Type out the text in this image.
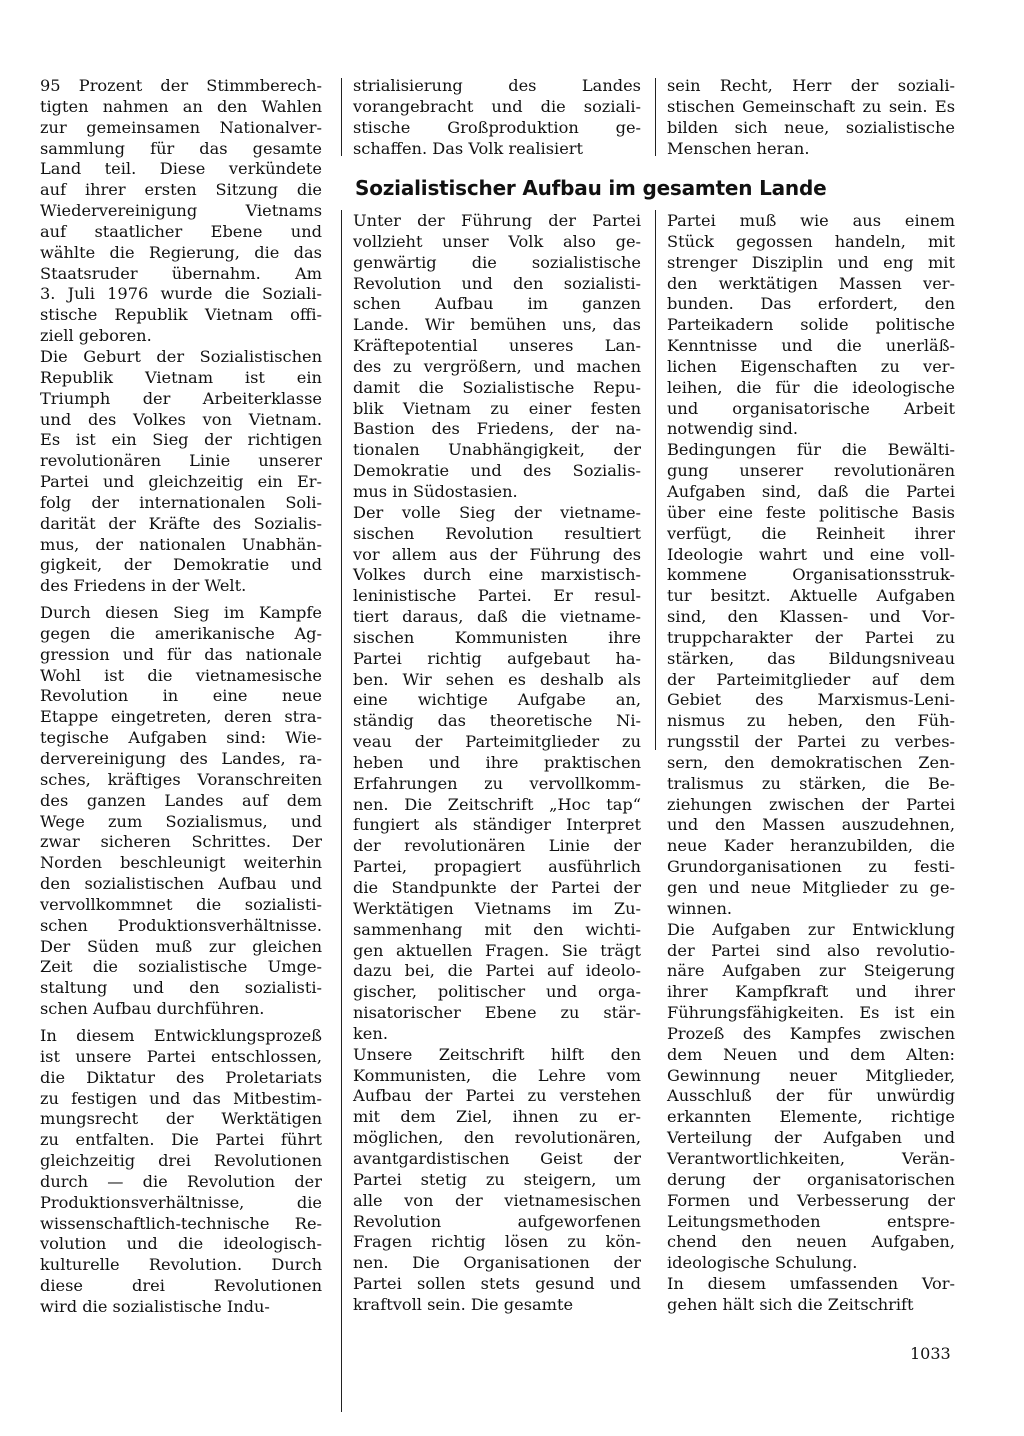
95 Prozent der Stimmberech-
tigten nahmen an den Wahlen
zur gemeinsamen Nationalver-
sammlung für das gesamte
Land teil. Diese verkündete
auf ihrer ersten Sitzung die
Wiedervereinigung Vietnams
auf staatlicher Ebene und
wählte die Regierung, die das
Staatsruder übernahm. Am
3. Juli 1976 wurde die Soziali-
stische Republik Vietnam offi-
ziell geboren.

Die Geburt der Sozialistischen
Republik Vietnam ist ein
Triumph der Arbeiterklasse
und des Volkes von Vietnam.
Es ist ein Sieg der richtigen
revolutionären Linie unserer
Partei und gleichzeitig ein Er-
folg der internationalen Soli-
darität der Kräfte des Sozialis-
mus, der nationalen Unabhän-
gigkeit, der Demokratie und
des Friedens in der Welt.

Durch diesen Sieg im Kampfe
gegen die amerikanische Ag-
gression und für das nationale
Wohl ist die vietnamesische
Revolution in eine neue
Etappe eingetreten, deren stra-
tegische Aufgaben sind: Wie-
dervereinigung des Landes, ra-
sches, kräftiges Voranschreiten
des ganzen Landes auf dem
Wege zum Sozialismus, und
zwar sicheren Schrittes. Der
Norden beschleunigt weiterhin
den sozialistischen Aufbau und
vervollkommnet die sozialisti-
schen Produktionsverhältnisse.
Der Süden muß zur gleichen
Zeit die sozialistische Umge-
staltung und den sozialisti-
schen Aufbau durchführen.

In diesem Entwicklungsprozeß
ist unsere Partei entschlossen,
die Diktatur des Proletariats
zu festigen und das Mitbestim-
mungsrecht der Werktätigen
zu entfalten. Die Partei führt
gleichzeitig drei Revolutionen
durch — die Revolution der
Produktionsverhältnisse, die
wissenschaftlich-technische Re-
volution und die ideologisch-
kulturelle Revolution. Durch
diese drei Revolutionen
wird die sozialistische Indu-

strialisierung des Landes
vorangebracht und die soziali-
stische Großproduktion ge-
schaffen. Das Volk realisiert

sein Recht, Herr der soziali-
stischen Gemeinschaft zu sein. Es
bilden sich neue, sozialistische
Menschen heran.

Sozialistischer Aufbau im gesamten Lande

Unter der Führung der Partei
vollzieht unser Volk also ge-
genwärtig die sozialistische
Revolution und den sozialisti-
schen Aufbau im ganzen
Lande. Wir bemühen uns, das
Kräftepotential unseres Lan-
des zu vergrößern, und machen
damit die Sozialistische Repu-
blik Vietnam zu einer festen
Bastion des Friedens, der na-
tionalen Unabhängigkeit, der
Demokratie und des Sozialis-
mus in Südostasien.

Der volle Sieg der vietname-
sischen Revolution resultiert
vor allem aus der Führung des
Volkes durch eine marxistisch-
leninistische Partei. Er resul-
tiert daraus, daß die vietname-
sischen Kommunisten ihre
Partei richtig aufgebaut ha-
ben. Wir sehen es deshalb als
eine wichtige Aufgabe an,
ständig das theoretische Ni-
veau der Parteimitglieder zu
heben und ihre praktischen
Erfahrungen zu vervollkomm-
nen. Die Zeitschrift „Hoc tap“
fungiert als ständiger Interpret
der revolutionären Linie der
Partei, propagiert ausführlich
die Standpunkte der Partei der
Werktätigen Vietnams im Zu-
sammenhang mit den wichti-
gen aktuellen Fragen. Sie trägt
dazu bei, die Partei auf ideolo-
gischer, politischer und orga-
nisatorischer Ebene zu stär-
ken.

Unsere Zeitschrift hilft den
Kommunisten, die Lehre vom
Aufbau der Partei zu verstehen
mit dem Ziel, ihnen zu er-
möglichen, den revolutionären,
avantgardistischen Geist der
Partei stetig zu steigern, um
alle von der vietnamesischen
Revolution aufgeworfenen
Fragen richtig lösen zu kön-
nen. Die Organisationen der
Partei sollen stets gesund und
kraftvoll sein. Die gesamte

Partei muß wie aus einem
Stück gegossen handeln, mit
strenger Disziplin und eng mit
den werktätigen Massen ver-
bunden. Das erfordert, den
Parteikadern solide politische
Kenntnisse und die unerläß-
lichen Eigenschaften zu ver-
leihen, die für die ideologische
und organisatorische Arbeit
notwendig sind.

Bedingungen für die Bewälti-
gung unserer revolutionären
Aufgaben sind, daß die Partei
über eine feste politische Basis
verfügt, die Reinheit ihrer
Ideologie wahrt und eine voll-
kommene Organisationsstruk-
tur besitzt. Aktuelle Aufgaben
sind, den Klassen- und Vor-
truppcharakter der Partei zu
stärken, das Bildungsniveau
der Parteimitglieder auf dem
Gebiet des Marxismus-Leni-
nismus zu heben, den Füh-
rungsstil der Partei zu verbes-
sern, den demokratischen Zen-
tralismus zu stärken, die Be-
ziehungen zwischen der Partei
und den Massen auszudehnen,
neue Kader heranzubilden, die
Grundorganisationen zu festi-
gen und neue Mitglieder zu ge-
winnen.

Die Aufgaben zur Entwicklung
der Partei sind also revolutio-
näre Aufgaben zur Steigerung
ihrer Kampfkraft und ihrer
Führungsfähigkeiten. Es ist ein
Prozeß des Kampfes zwischen
dem Neuen und dem Alten:
Gewinnung neuer Mitglieder,
Ausschluß der für unwürdig
erkannten Elemente, richtige
Verteilung der Aufgaben und
Verantwortlichkeiten, Verän-
derung der organisatorischen
Formen und Verbesserung der
Leitungsmethoden entspre-
chend den neuen Aufgaben,
ideologische Schulung.

In diesem umfassenden Vor-
gehen hält sich die Zeitschrift

1033
